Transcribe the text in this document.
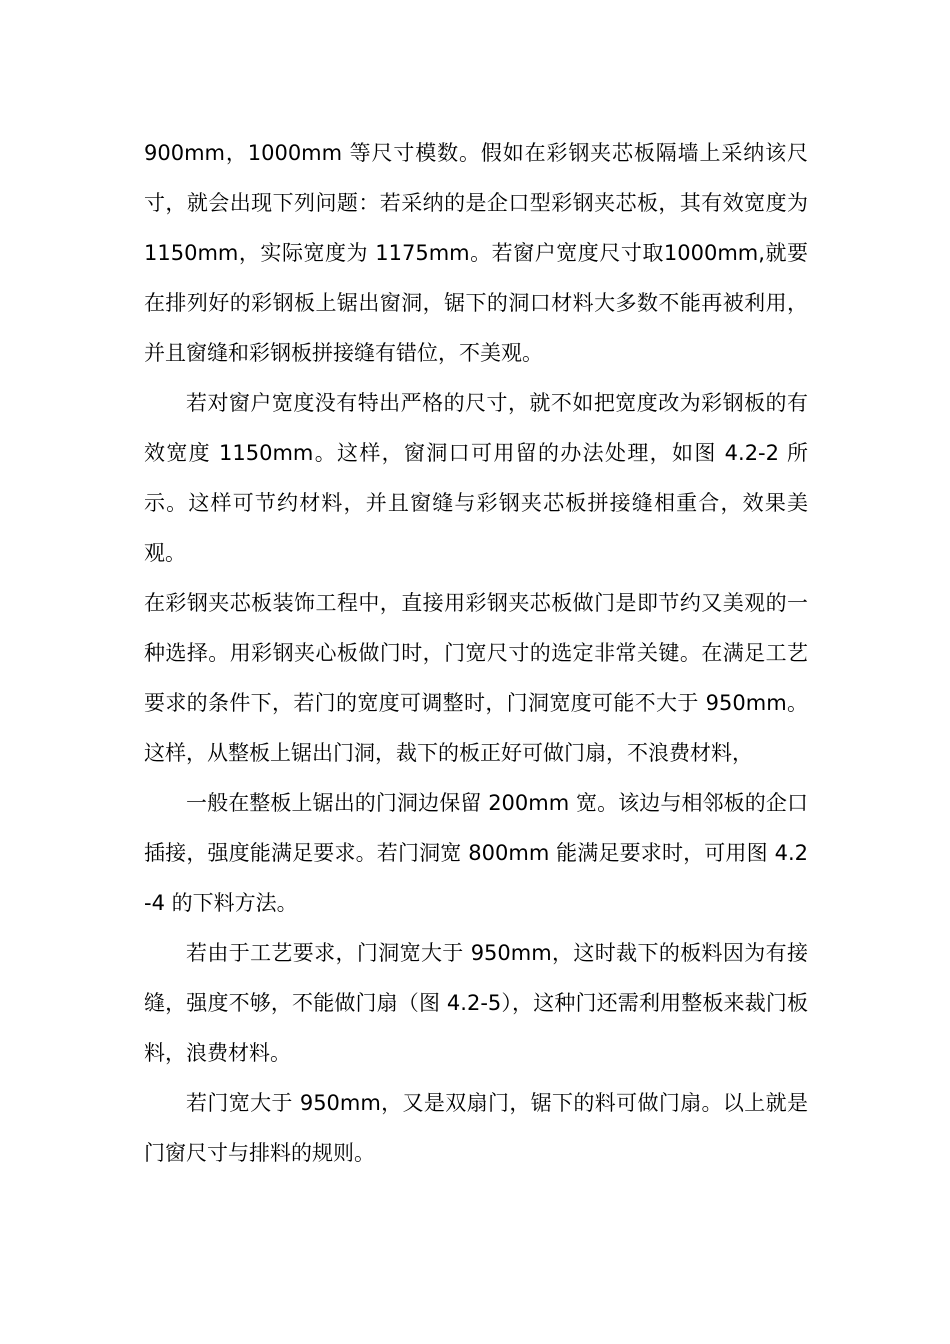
900mm，1000mm 等尺寸模数。假如在彩钢夹芯板隔墙上采纳该尺寸，就会出现下列问题：若采纳的是企口型彩钢夹芯板，其有效宽度为 1150mm，实际宽度为 1175mm。若窗户宽度尺寸取1000mm,就要在排列好的彩钢板上锯出窗洞，锯下的洞口材料大多数不能再被利用，并且窗缝和彩钢板拼接缝有错位，不美观。

若对窗户宽度没有特出严格的尺寸，就不如把宽度改为彩钢板的有效宽度 1150mm。这样，窗洞口可用留的办法处理，如图 4.2-2 所示。这样可节约材料，并且窗缝与彩钢夹芯板拼接缝相重合，效果美观。

在彩钢夹芯板装饰工程中，直接用彩钢夹芯板做门是即节约又美观的一种选择。用彩钢夹心板做门时，门宽尺寸的选定非常关键。在满足工艺要求的条件下，若门的宽度可调整时，门洞宽度可能不大于 950mm。这样，从整板上锯出门洞，裁下的板正好可做门扇，不浪费材料，

一般在整板上锯出的门洞边保留 200mm 宽。该边与相邻板的企口插接，强度能满足要求。若门洞宽 800mm 能满足要求时，可用图 4.2-4 的下料方法。

若由于工艺要求，门洞宽大于 950mm，这时裁下的板料因为有接缝，强度不够，不能做门扇（图 4.2-5），这种门还需利用整板来裁门板料，浪费材料。

若门宽大于 950mm，又是双扇门，锯下的料可做门扇。以上就是门窗尺寸与排料的规则。
